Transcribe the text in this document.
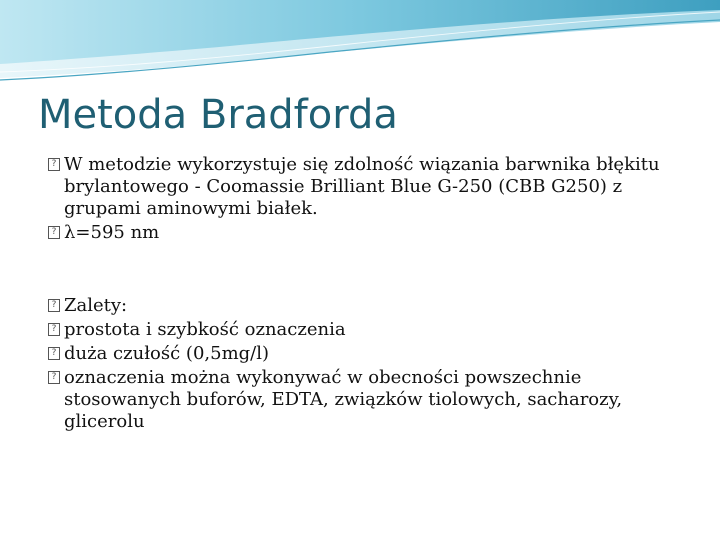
Metoda Bradforda
? W metodzie wykorzystuje się zdolność wiązania barwnika błękitu brylantowego - Coomassie Brilliant Blue G-250 (CBB G250) z grupami aminowymi białek.
? λ=595 nm
? Zalety:
? prostota i szybkość oznaczenia
? duża czułość (0,5mg/l)
? oznaczenia można wykonywać w obecności powszechnie stosowanych buforów, EDTA, związków tiolowych, sacharozy, glicerolu
